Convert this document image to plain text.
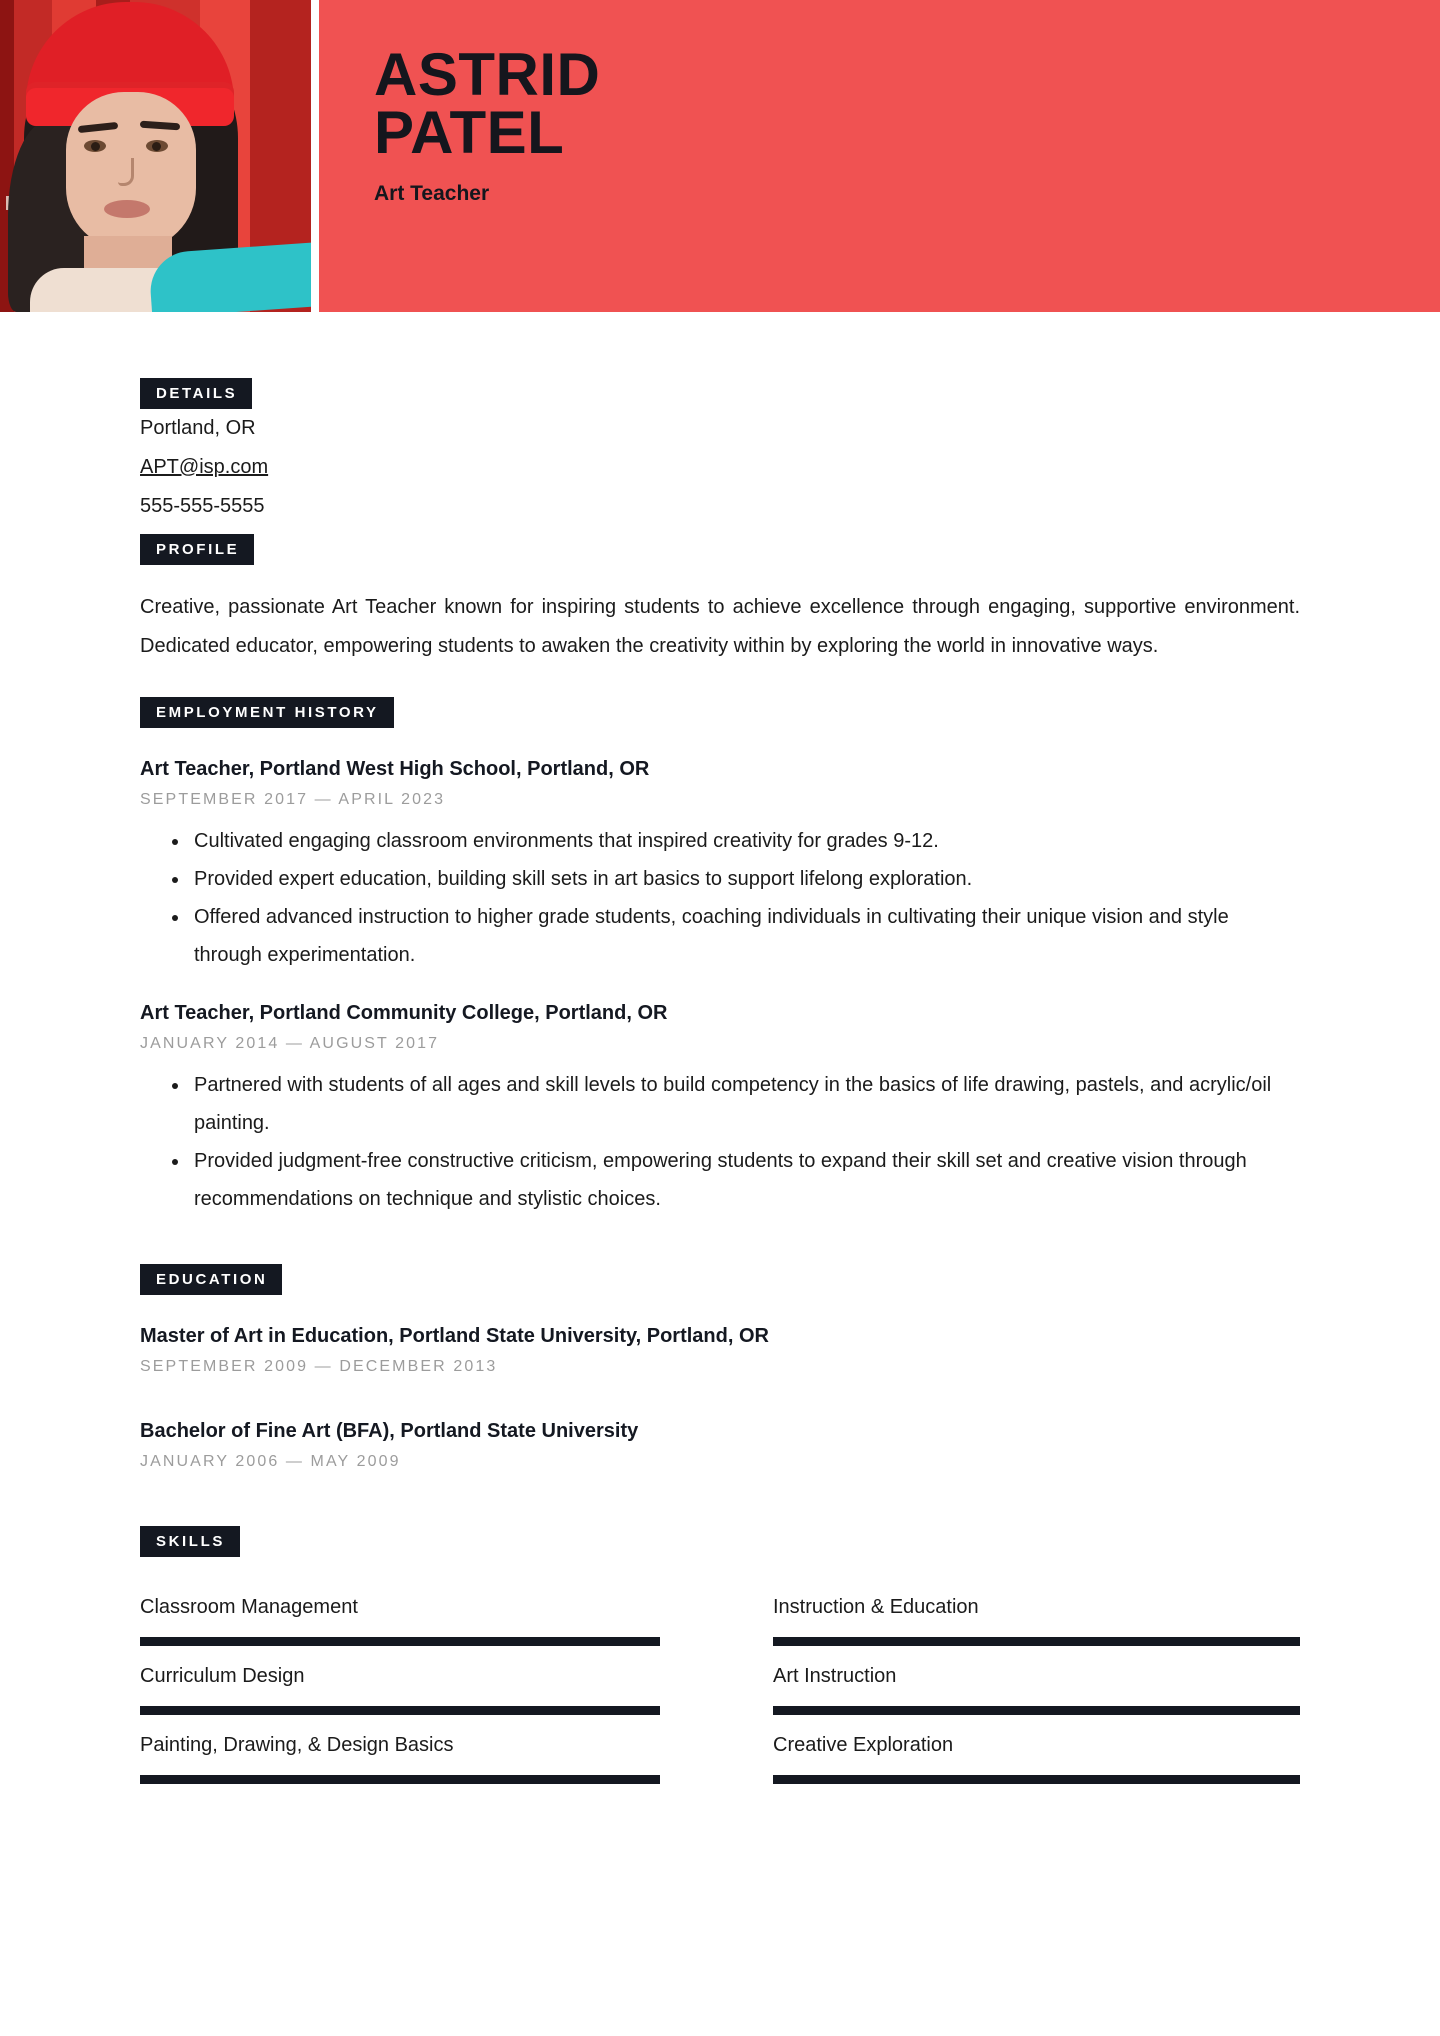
ASTRID
PATEL
Art Teacher
DETAILS
Portland, OR
APT@isp.com
555-555-5555
PROFILE

Creative, passionate Art Teacher known for inspiring students to achieve excellence through engaging, supportive environment. Dedicated educator, empowering students to awaken the creativity within by exploring the world in innovative ways.

EMPLOYMENT HISTORY
Art Teacher, Portland West High School, Portland, OR
SEPTEMBER 2017 — APRIL 2023
Cultivated engaging classroom environments that inspired creativity for grades 9-12.
Provided expert education, building skill sets in art basics to support lifelong exploration.
Offered advanced instruction to higher grade students, coaching individuals in cultivating their unique vision and style through experimentation.
Art Teacher, Portland Community College, Portland, OR
JANUARY 2014 — AUGUST 2017
Partnered with students of all ages and skill levels to build competency in the basics of life drawing, pastels, and acrylic/oil painting.
Provided judgment-free constructive criticism, empowering students to expand their skill set and creative vision through recommendations on technique and stylistic choices.
EDUCATION
Master of Art in Education, Portland State University, Portland, OR
SEPTEMBER 2009 — DECEMBER 2013
Bachelor of Fine Art (BFA), Portland State University
JANUARY 2006 — MAY 2009
SKILLS
Classroom Management	Instruction & Education
Curriculum Design	Art Instruction
Painting, Drawing, & Design Basics	Creative Exploration
